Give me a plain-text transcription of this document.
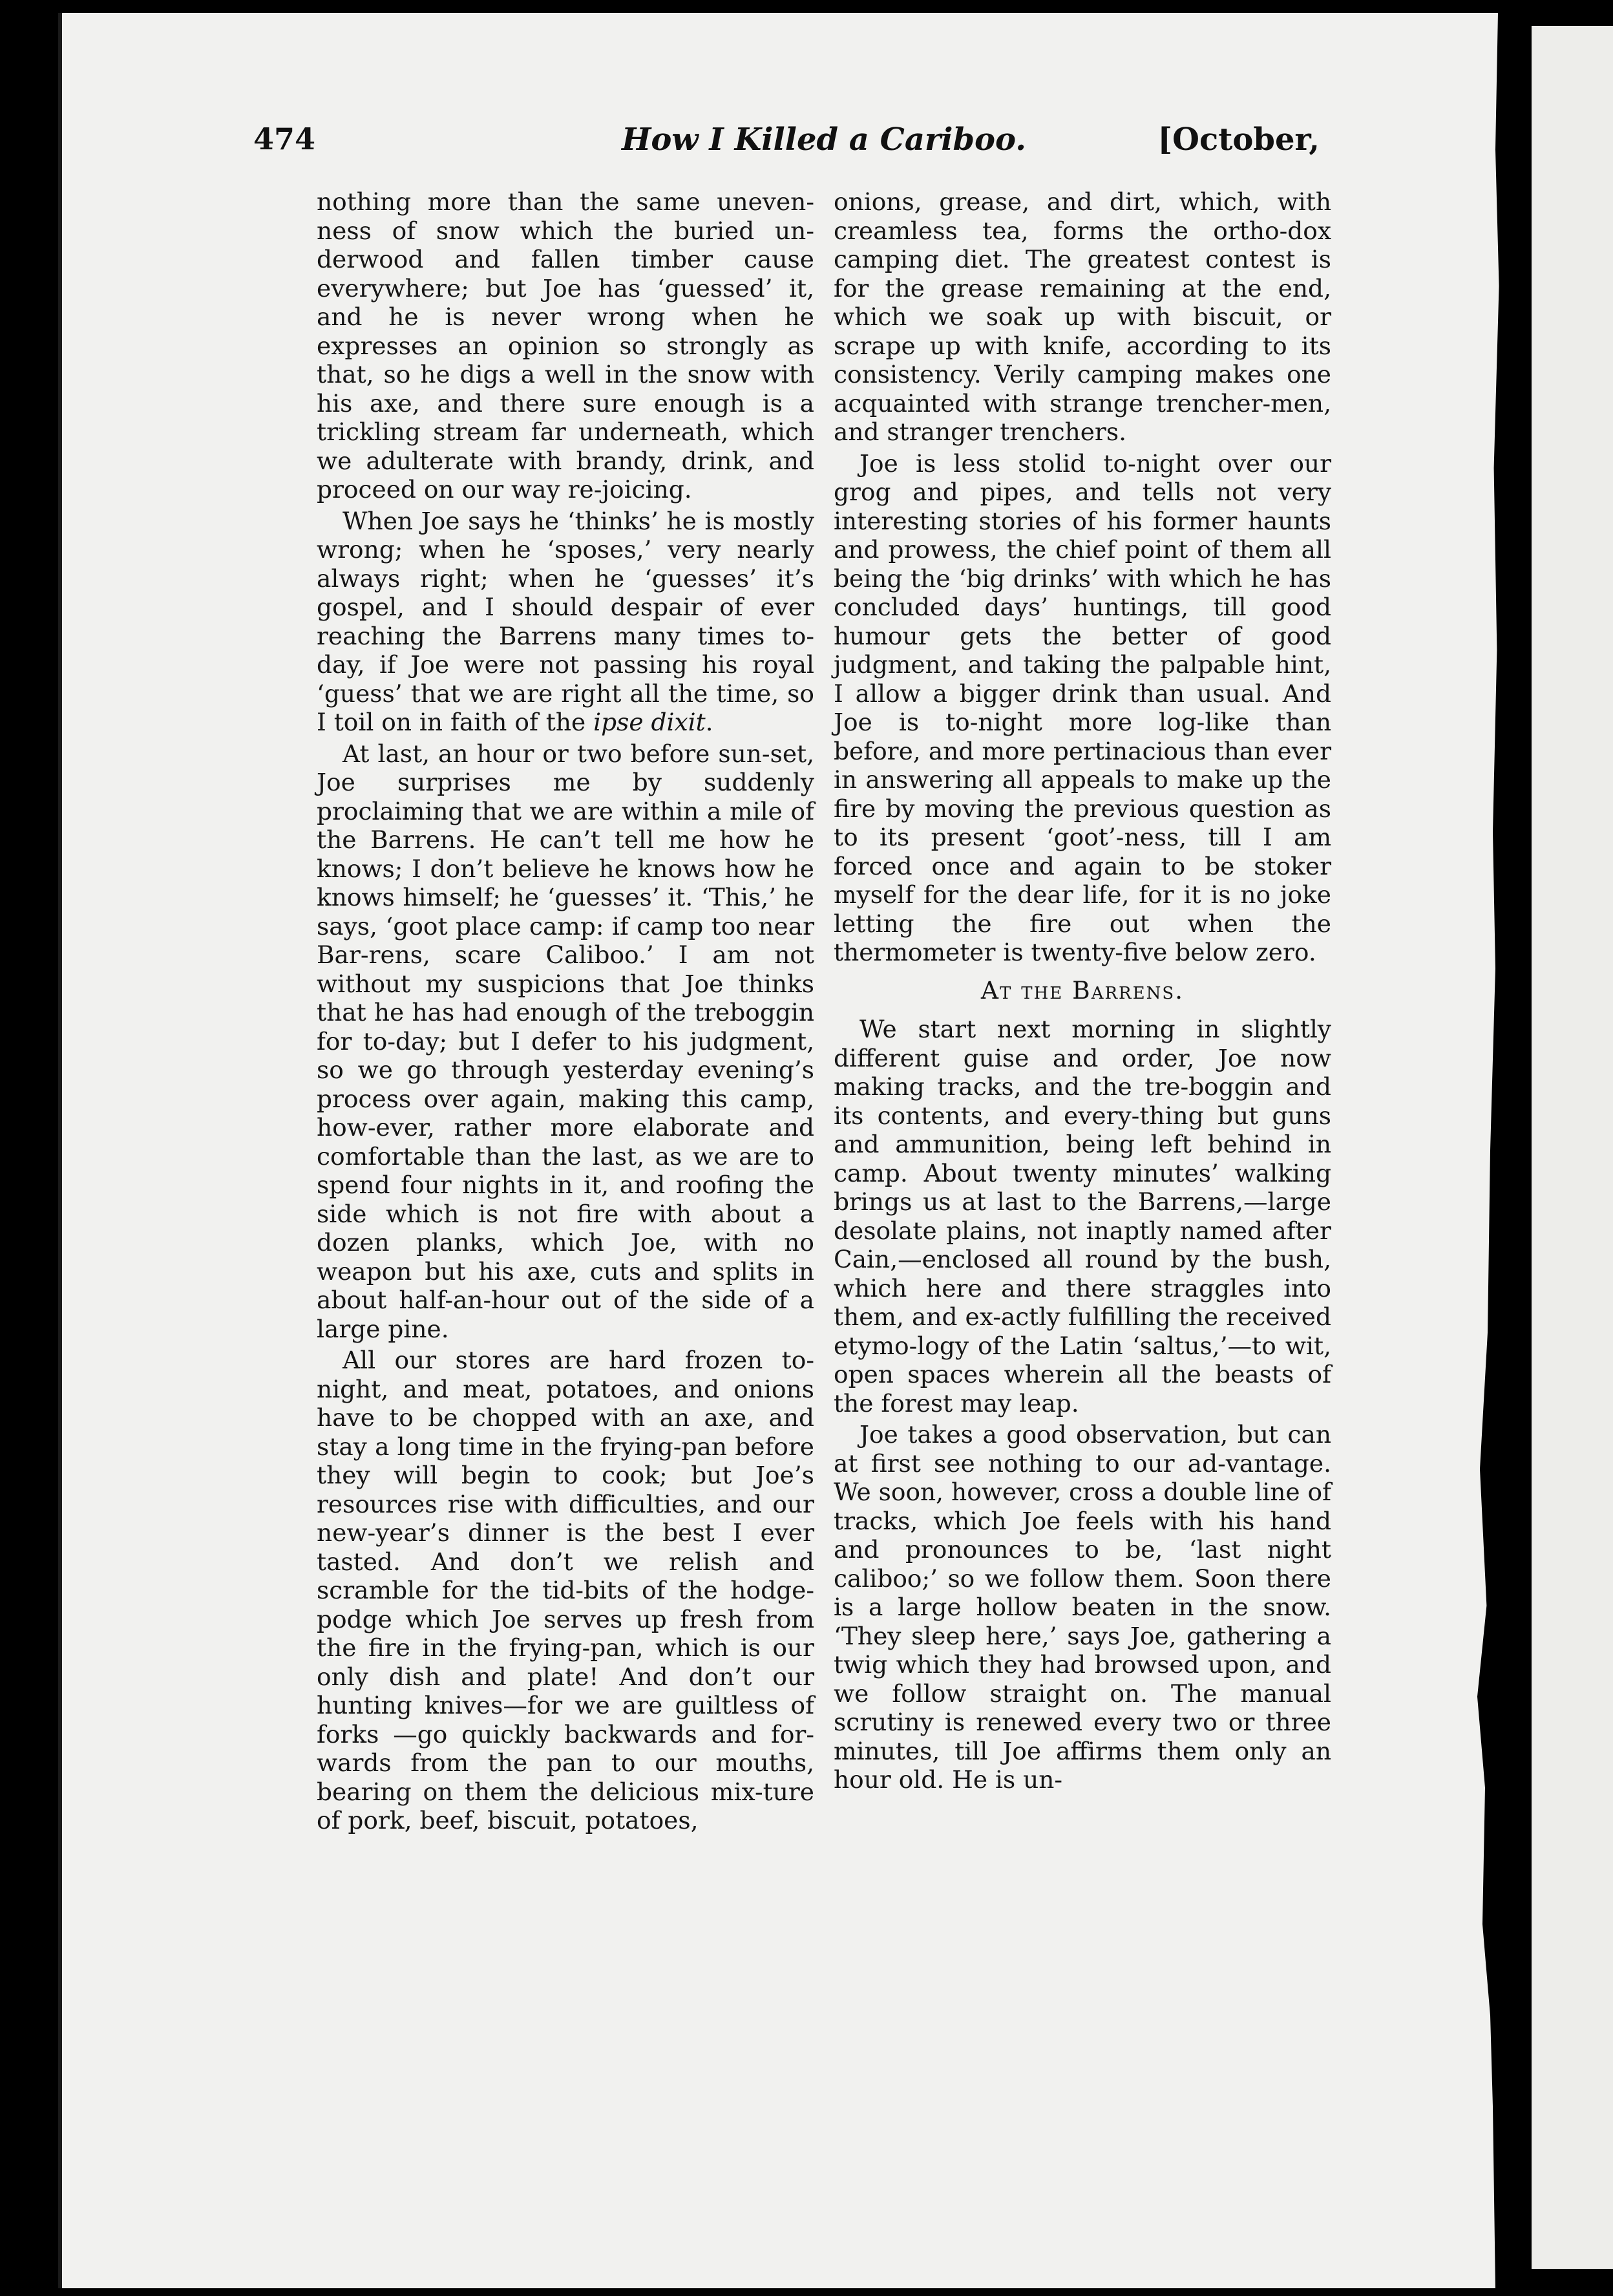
474	How I Killed a Cariboo.	[October,

nothing more than the same uneven-ness of snow which the buried un-derwood and fallen timber cause everywhere; but Joe has ‘guessed’ it, and he is never wrong when he expresses an opinion so strongly as that, so he digs a well in the snow with his axe, and there sure enough is a trickling stream far underneath, which we adulterate with brandy, drink, and proceed on our way re-joicing.

When Joe says he ‘thinks’ he is mostly wrong; when he ‘sposes,’ very nearly always right; when he ‘guesses’ it’s gospel, and I should despair of ever reaching the Barrens many times to-day, if Joe were not passing his royal ‘guess’ that we are right all the time, so I toil on in faith of the ipse dixit.

At last, an hour or two before sun-set, Joe surprises me by suddenly proclaiming that we are within a mile of the Barrens. He can’t tell me how he knows; I don’t believe he knows how he knows himself; he ‘guesses’ it. ‘This,’ he says, ‘goot place camp: if camp too near Bar-rens, scare Caliboo.’ I am not without my suspicions that Joe thinks that he has had enough of the treboggin for to-day; but I defer to his judgment, so we go through yesterday evening’s process over again, making this camp, how-ever, rather more elaborate and comfortable than the last, as we are to spend four nights in it, and roofing the side which is not fire with about a dozen planks, which Joe, with no weapon but his axe, cuts and splits in about half-an-hour out of the side of a large pine.

All our stores are hard frozen to-night, and meat, potatoes, and onions have to be chopped with an axe, and stay a long time in the frying-pan before they will begin to cook; but Joe’s resources rise with difficulties, and our new-year’s dinner is the best I ever tasted. And don’t we relish and scramble for the tid-bits of the hodge-podge which Joe serves up fresh from the fire in the frying-pan, which is our only dish and plate! And don’t our hunting knives—for we are guiltless of forks —go quickly backwards and for-wards from the pan to our mouths, bearing on them the delicious mix-ture of pork, beef, biscuit, potatoes,

onions, grease, and dirt, which, with creamless tea, forms the ortho-dox camping diet. The greatest contest is for the grease remaining at the end, which we soak up with biscuit, or scrape up with knife, according to its consistency. Verily camping makes one acquainted with strange trencher-men, and stranger trenchers.

Joe is less stolid to-night over our grog and pipes, and tells not very interesting stories of his former haunts and prowess, the chief point of them all being the ‘big drinks’ with which he has concluded days’ huntings, till good humour gets the better of good judgment, and taking the palpable hint, I allow a bigger drink than usual. And Joe is to-night more log-like than before, and more pertinacious than ever in answering all appeals to make up the fire by moving the previous question as to its present ‘goot’-ness, till I am forced once and again to be stoker myself for the dear life, for it is no joke letting the fire out when the thermometer is twenty-five below zero.

At the Barrens.

We start next morning in slightly different guise and order, Joe now making tracks, and the tre-boggin and its contents, and every-thing but guns and ammunition, being left behind in camp. About twenty minutes’ walking brings us at last to the Barrens,—large desolate plains, not inaptly named after Cain,—enclosed all round by the bush, which here and there straggles into them, and ex-actly fulfilling the received etymo-logy of the Latin ‘saltus,’—to wit, open spaces wherein all the beasts of the forest may leap.

Joe takes a good observation, but can at first see nothing to our ad-vantage. We soon, however, cross a double line of tracks, which Joe feels with his hand and pronounces to be, ‘last night caliboo;’ so we follow them. Soon there is a large hollow beaten in the snow. ‘They sleep here,’ says Joe, gathering a twig which they had browsed upon, and we follow straight on. The manual scrutiny is renewed every two or three minutes, till Joe affirms them only an hour old. He is un-
